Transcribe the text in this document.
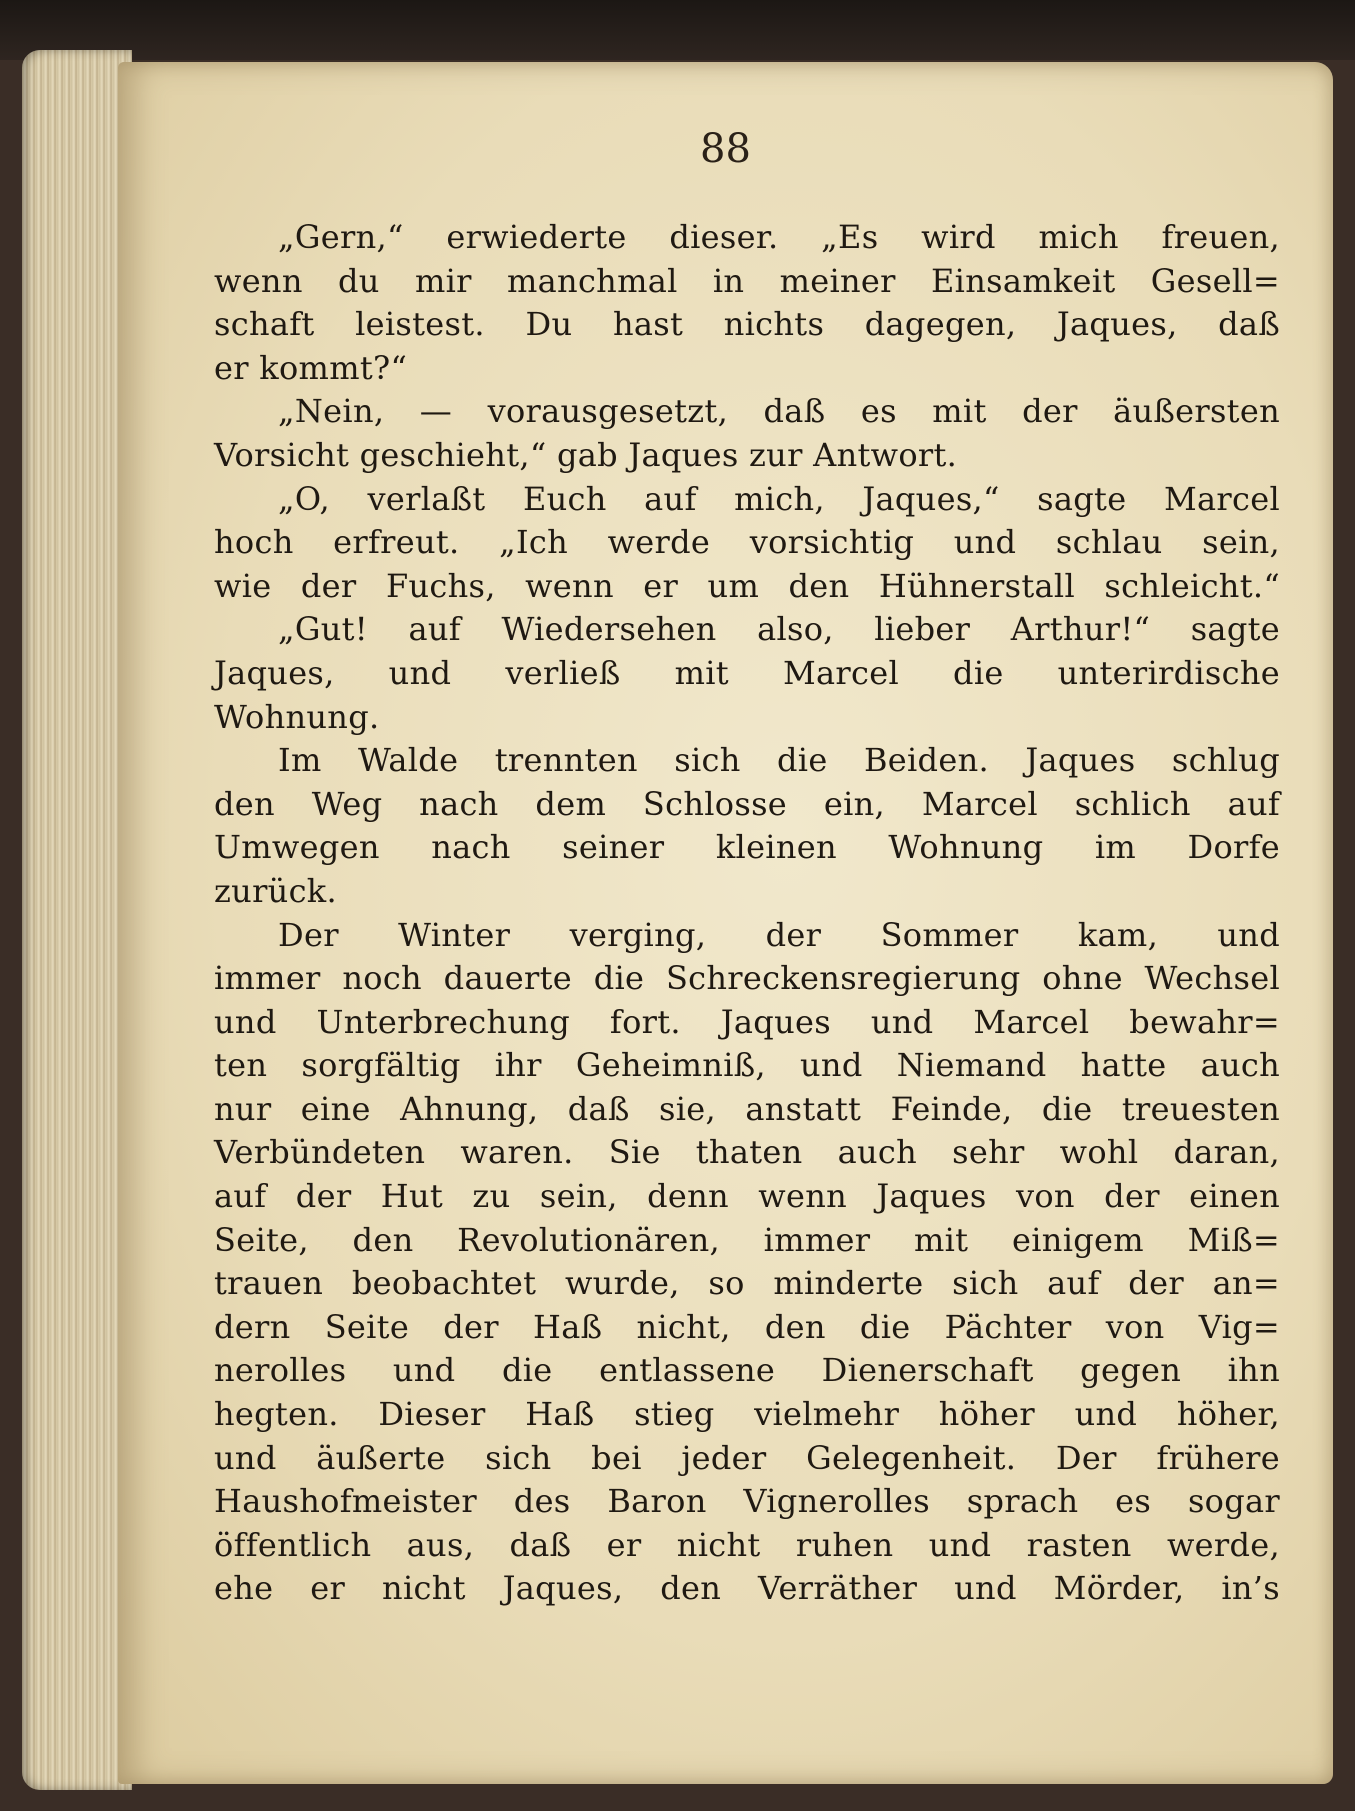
88
„Gern,“ erwiederte dieser. „Es wird mich freuen,
wenn du mir manchmal in meiner Einsamkeit Gesell=
schaft leistest. Du hast nichts dagegen, Jaques, daß
er kommt?“
„Nein, — vorausgesetzt, daß es mit der äußersten
Vorsicht geschieht,“ gab Jaques zur Antwort.
„O, verlaßt Euch auf mich, Jaques,“ sagte Marcel
hoch erfreut. „Ich werde vorsichtig und schlau sein,
wie der Fuchs, wenn er um den Hühnerstall schleicht.“
„Gut! auf Wiedersehen also, lieber Arthur!“ sagte
Jaques, und verließ mit Marcel die unterirdische
Wohnung.
Im Walde trennten sich die Beiden. Jaques schlug
den Weg nach dem Schlosse ein, Marcel schlich auf
Umwegen nach seiner kleinen Wohnung im Dorfe
zurück.
Der Winter verging, der Sommer kam, und
immer noch dauerte die Schreckensregierung ohne Wechsel
und Unterbrechung fort. Jaques und Marcel bewahr=
ten sorgfältig ihr Geheimniß, und Niemand hatte auch
nur eine Ahnung, daß sie, anstatt Feinde, die treuesten
Verbündeten waren. Sie thaten auch sehr wohl daran,
auf der Hut zu sein, denn wenn Jaques von der einen
Seite, den Revolutionären, immer mit einigem Miß=
trauen beobachtet wurde, so minderte sich auf der an=
dern Seite der Haß nicht, den die Pächter von Vig=
nerolles und die entlassene Dienerschaft gegen ihn
hegten. Dieser Haß stieg vielmehr höher und höher,
und äußerte sich bei jeder Gelegenheit. Der frühere
Haushofmeister des Baron Vignerolles sprach es sogar
öffentlich aus, daß er nicht ruhen und rasten werde,
ehe er nicht Jaques, den Verräther und Mörder, in’s
